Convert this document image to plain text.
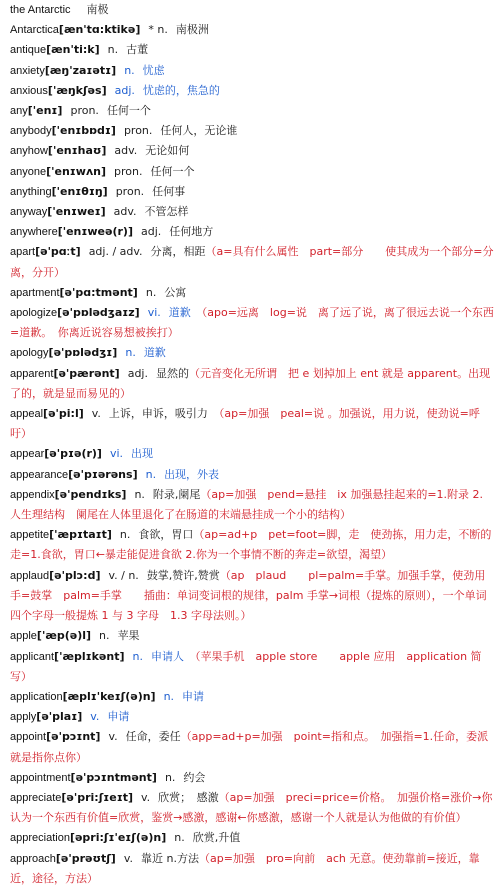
the Antarctic 南极
Antarctica[æn'tɑ:ktikə] * n. 南极洲
antique[æn'ti:k] n. 古董
anxiety[æŋ'zaɪətɪ] n. 忧虑
anxious['æŋkʃəs] adj. 忧虑的，焦急的
any['enɪ] pron. 任何一个
anybody['enɪbɒdɪ] pron. 任何人，无论谁
anyhow['enɪhaʊ] adv. 无论如何
anyone['enɪwʌn] pron. 任何一个
anything['enɪθɪŋ] pron. 任何事
anyway['enɪweɪ] adv. 不管怎样
anywhere['enɪweə(r)] adj. 任何地方
apart[ə'pɑːt] adj. / adv. 分离，相距（a=具有什么属性　part=部分　　使其成为一个部分=分离，分开）
apartment[ə'pɑ:tmənt] n. 公寓
apologize[ə'pɒlədʒaɪz] vi. 道歉　（apo=远离　log=说　离了远了说，离了很远去说一个东西=道歉。　你离近说容易想被挨打）
apology[ə'pɒlədʒɪ] n. 道歉
apparent[ə'pærənt] adj. 显然的（元音变化无所谓　把 e 划掉加上 ent 就是 apparent。出现了的，就是显而易见的）
appeal[ə'pi:l] v. 上诉，申诉，吸引力　（ap=加强　peal=说 。加强说，用力说，使劲说=呼吁）
appear[ə'pɪə(r)] vi. 出现
appearance[ə'pɪərəns] n. 出现，外表
appendix[ə'pendɪks] n. 附录,阑尾（ap=加强　pend=悬挂　ix 加强悬挂起来的=1.附录 2. 人生理结构　阑尾在人体里退化了在肠道的末端悬挂成一个小的结构）
appetite['æpɪtaɪt] n. 食欲，胃口（ap=ad+p　pet=foot=脚，走　使劲拣，用力走，不断的走=1.食欲，胃口←暴走能促进食欲 2.你为一个事情不断的奔走=欲望，渴望）
applaud[ə'plɔ:d] v. / n. 鼓掌,赞许,赞赏（ap　plaud　　pl=palm=手掌。加强手掌，使劲用手=鼓掌　palm=手掌　　插曲：单词变词根的规律，palm 手掌→词根（提炼的原则），一个单词四个字母一般提炼 1 与 3 字母　1.3 字母法则。）
apple['æp(ə)l] n. 苹果
applicant['æplɪkənt] n. 申请人　（苹果手机　apple store　　apple 应用　application 简写）
application[æplɪ'keɪʃ(ə)n] n. 申请
apply[ə'plaɪ] v. 申请
appoint[ə'pɔɪnt] v. 任命，委任（app=ad+p=加强　point=指和点。　加强指=1.任命，委派就是指你点你）
appointment[ə'pɔɪntmənt] n. 约会
appreciate[ə'pri:ʃɪeɪt] v. 欣赏；　感激（ap=加强　preci=price=价格。　加强价格=涨价→你认为一个东西有价值=欣赏，鉴赏→感激，感谢←你感激，感谢一个人就是认为他做的有价值）
appreciation[əpri:ʃɪ'eɪʃ(ə)n] n. 欣赏,升值
approach[ə'prəʊtʃ] v. 靠近 n.方法（ap=加强　pro=向前　ach 无意。使劲靠前=接近，靠近，途径，方法）
